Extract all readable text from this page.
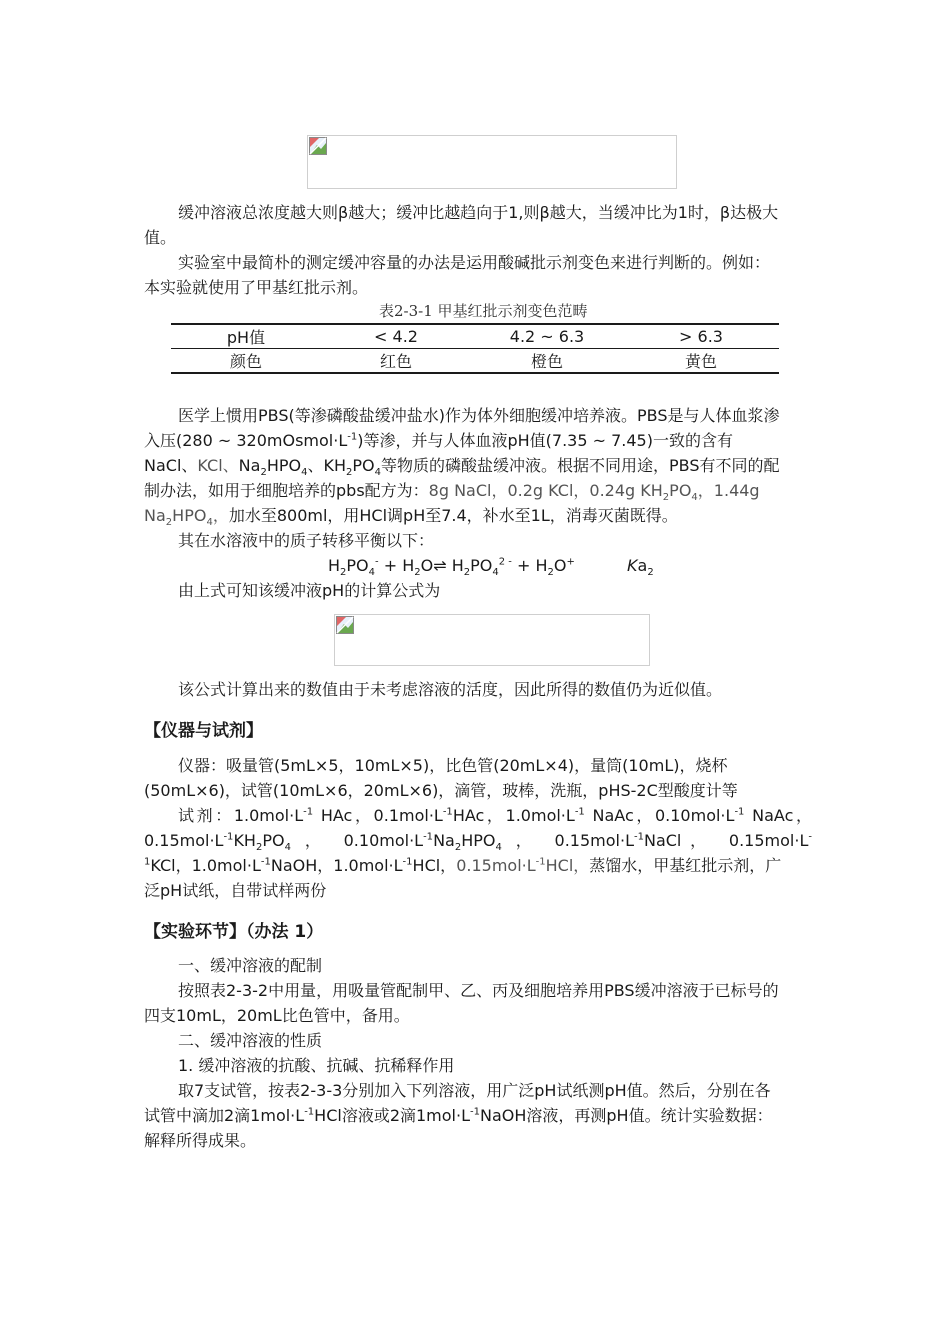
缓冲溶液总浓度越大则β越大；缓冲比越趋向于1,则β越大，当缓冲比为1时，β达极大
值。
实验室中最简朴的测定缓冲容量的办法是运用酸碱批示剂变色来进行判断的。例如：
本实验就使用了甲基红批示剂。
表2-3-1 甲基红批示剂变色范畴
pH值	< 4.2	4.2 ~ 6.3	> 6.3
颜色	红色	橙色	黄色
医学上惯用PBS(等渗磷酸盐缓冲盐水)作为体外细胞缓冲培养液。PBS是与人体血浆渗
入压(280 ~ $320mOsmol\cdot L^{-1}$)等渗，并与人体血液pH值(7.35 ~ 7.45)一致的含有
NaCl、KCl、$Na_2HPO_4$、$KH_2PO_4$等物质的磷酸盐缓冲液。根据不同用途，PBS有不同的配
制办法，如用于细胞培养的pbs配方为：8g NaCl，0.2g KCl，0.24g $KH_2PO_4$，1.44g
$Na_2HPO_4$，加水至800ml，用HCl调pH至7.4，补水至1L，消毒灭菌既得。
其在水溶液中的质子转移平衡以下：
$H_2PO_4^-$ + $H_2O\rightleftharpoons$ $H_2PO_4^{2 -} + H_2O^+$	$Ka_2$
由上式可知该缓冲液pH的计算公式为
该公式计算出来的数值由于未考虑溶液的活度，因此所得的数值仍为近似值。
【仪器与试剂】
仪器：吸量管(5mL×5，10mL×5)，比色管(20mL×4)，量筒(10mL)，烧杯
(50mL×6)，试管(10mL×6，20mL×6)，滴管，玻棒，洗瓶，pHS-2C型酸度计等
试剂：$1.0mol\cdot L^{-1}$ HAc，$0.1mol\cdot L^{-1}HAc$，$1.0mol\cdot L^{-1}$ NaAc，$0.10mol\cdot L^{-1}$ NaAc，
$0.15mol\cdot L^{-1}KH_2PO_4$ ， $0.10mol\cdot L^{-1}Na_2HPO_4$ ， $0.15mol\cdot L^{-1}NaCl$， 0.15mol·L-
$^1$KCl，$1.0mol\cdot L^{-1}NaOH$，$1.0mol\cdot L^{-1}HCl$，$0.15mol\cdot L^{-1}HCl$，蒸馏水，甲基红批示剂，广
泛pH试纸，自带试样两份
【实验环节】（办法 1）
一、缓冲溶液的配制
按照表2-3-2中用量，用吸量管配制甲、乙、丙及细胞培养用PBS缓冲溶液于已标号的
四支10mL，20mL比色管中，备用。
二、缓冲溶液的性质
1. 缓冲溶液的抗酸、抗碱、抗稀释作用
取7支试管，按表2-3-3分别加入下列溶液，用广泛pH试纸测pH值。然后，分别在各
试管中滴加2滴$1mol\cdot L^{-1}HCl$溶液或2滴$1mol\cdot L^{-1}NaOH$溶液，再测pH值。统计实验数据：
解释所得成果。
